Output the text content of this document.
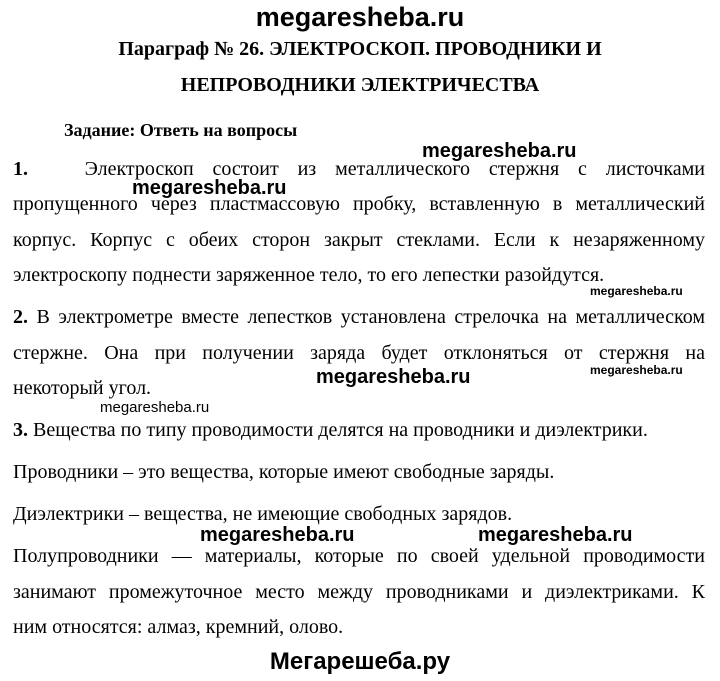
megaresheba.ru
Параграф № 26. ЭЛЕКТРОСКОП. ПРОВОДНИКИ И
НЕПРОВОДНИКИ ЭЛЕКТРИЧЕСТВА
Задание: Ответь на вопросы
1.	Электроскоп состоит из металлического стержня с листочками
пропущенного через пластмассовую пробку, вставленную в металлический
корпус. Корпус с обеих сторон закрыт стеклами. Если к незаряженному
электроскопу поднести заряженное тело, то его лепестки разойдутся.
2. В электрометре вместе лепестков установлена стрелочка на металлическом
стержне. Она при получении заряда будет отклоняться от стержня на
некоторый угол.
3. Вещества по типу проводимости делятся на проводники и диэлектрики.
Проводники – это вещества, которые имеют свободные заряды.
Диэлектрики – вещества, не имеющие свободных зарядов.
Полупроводники — материалы, которые по своей удельной проводимости
занимают промежуточное место между проводниками и диэлектриками. К
ним относятся: алмаз, кремний, олово.
megaresheba.ru
megaresheba.ru
megaresheba.ru
megaresheba.ru	megaresheba.ru
megaresheba.ru
megaresheba.ru	megaresheba.ru
Мегарешеба.ру
